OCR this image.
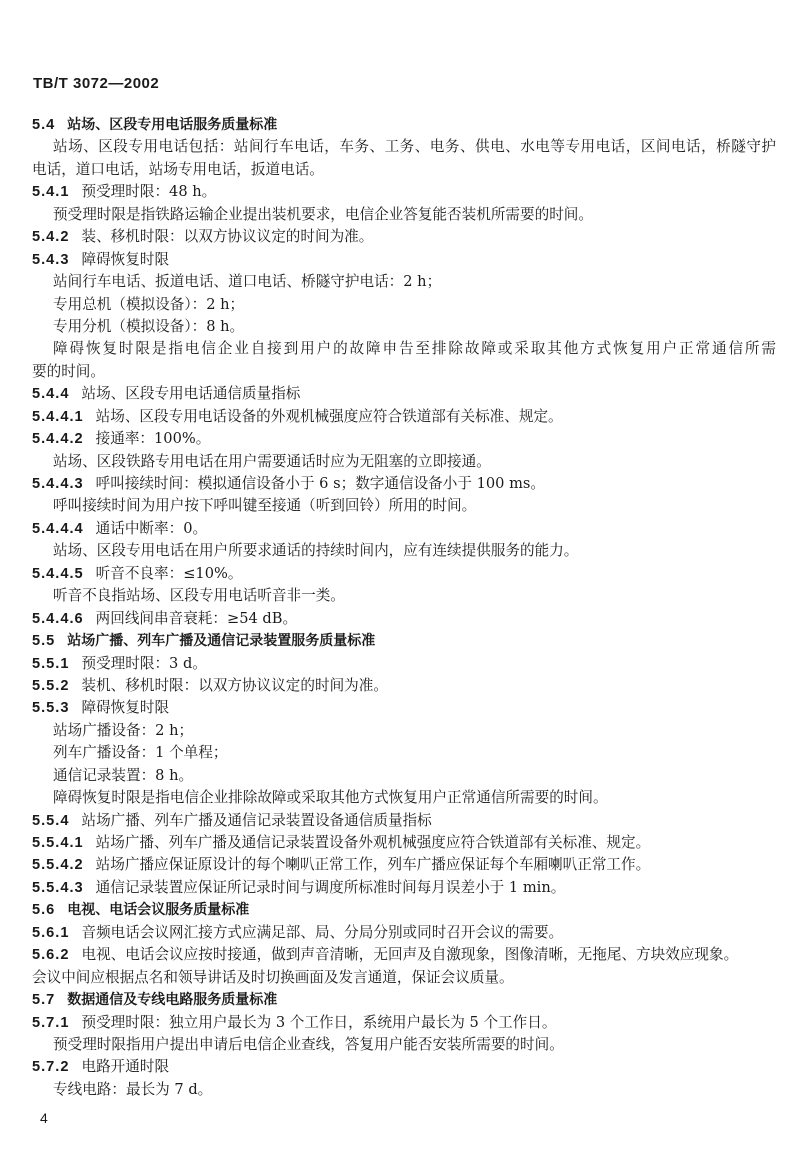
TB/T 3072—2002
5.4 站场、区段专用电话服务质量标准
站场、区段专用电话包括：站间行车电话，车务、工务、电务、供电、水电等专用电话，区间电话，桥隧守护
电话，道口电话，站场专用电话，扳道电话。
5.4.1 预受理时限：48 h。
预受理时限是指铁路运输企业提出装机要求，电信企业答复能否装机所需要的时间。
5.4.2 装、移机时限：以双方协议议定的时间为准。
5.4.3 障碍恢复时限
站间行车电话、扳道电话、道口电话、桥隧守护电话：2 h；
专用总机（模拟设备）：2 h；
专用分机（模拟设备）：8 h。
障碍恢复时限是指电信企业自接到用户的故障申告至排除故障或采取其他方式恢复用户正常通信所需
要的时间。
5.4.4 站场、区段专用电话通信质量指标
5.4.4.1 站场、区段专用电话设备的外观机械强度应符合铁道部有关标准、规定。
5.4.4.2 接通率：100%。
站场、区段铁路专用电话在用户需要通话时应为无阻塞的立即接通。
5.4.4.3 呼叫接续时间：模拟通信设备小于 6 s；数字通信设备小于 100 ms。
呼叫接续时间为用户按下呼叫键至接通（听到回铃）所用的时间。
5.4.4.4 通话中断率：0。
站场、区段专用电话在用户所要求通话的持续时间内，应有连续提供服务的能力。
5.4.4.5 听音不良率：≤10%。
听音不良指站场、区段专用电话听音非一类。
5.4.4.6 两回线间串音衰耗：≥54 dB。
5.5 站场广播、列车广播及通信记录装置服务质量标准
5.5.1 预受理时限：3 d。
5.5.2 装机、移机时限：以双方协议议定的时间为准。
5.5.3 障碍恢复时限
站场广播设备：2 h；
列车广播设备：1 个单程；
通信记录装置：8 h。
障碍恢复时限是指电信企业排除故障或采取其他方式恢复用户正常通信所需要的时间。
5.5.4 站场广播、列车广播及通信记录装置设备通信质量指标
5.5.4.1 站场广播、列车广播及通信记录装置设备外观机械强度应符合铁道部有关标准、规定。
5.5.4.2 站场广播应保证原设计的每个喇叭正常工作，列车广播应保证每个车厢喇叭正常工作。
5.5.4.3 通信记录装置应保证所记录时间与调度所标准时间每月误差小于 1 min。
5.6 电视、电话会议服务质量标准
5.6.1 音频电话会议网汇接方式应满足部、局、分局分别或同时召开会议的需要。
5.6.2 电视、电话会议应按时接通，做到声音清晰，无回声及自激现象，图像清晰，无拖尾、方块效应现象。
会议中间应根据点名和领导讲话及时切换画面及发言通道，保证会议质量。
5.7 数据通信及专线电路服务质量标准
5.7.1 预受理时限：独立用户最长为 3 个工作日，系统用户最长为 5 个工作日。
预受理时限指用户提出申请后电信企业查线，答复用户能否安装所需要的时间。
5.7.2 电路开通时限
专线电路：最长为 7 d。
4
